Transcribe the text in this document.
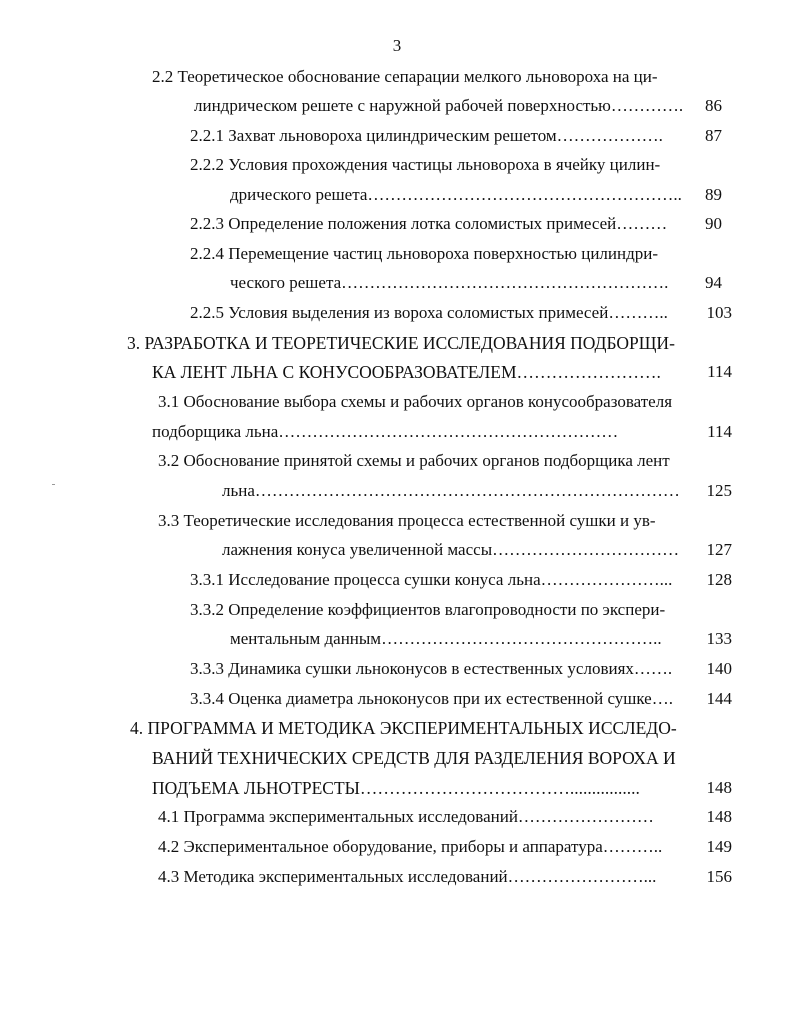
3
2.2 Теоретическое обоснование сепарации мелкого льновороха на ци-
линдрическом решете с наружной рабочей поверхностью………….	86
2.2.1 Захват льновороха цилиндрическим решетом……………….	87
2.2.2 Условия прохождения частицы льновороха в ячейку цилин-
дрического решета………………………………………………..	89
2.2.3 Определение положения лотка соломистых примесей………	90
2.2.4 Перемещение частиц льновороха поверхностью цилиндри-
ческого решета………………………………………………….	94
2.2.5 Условия выделения из вороха соломистых примесей………..	103
3. РАЗРАБОТКА И ТЕОРЕТИЧЕСКИЕ ИССЛЕДОВАНИЯ ПОДБОРЩИ-
КА ЛЕНТ ЛЬНА С КОНУСООБРАЗОВАТЕЛЕМ…………………….	114
3.1 Обоснование выбора схемы и рабочих органов конусообразователя
подборщика льна……………………………………………………	114
3.2 Обоснование принятой схемы и рабочих органов подборщика лент
льна…………………………………………………………………	125
3.3 Теоретические исследования процесса естественной сушки и ув-
лажнения конуса увеличенной массы……………………………	127
3.3.1 Исследование процесса сушки конуса льна…………………...	128
3.3.2 Определение коэффициентов влагопроводности по экспери-
ментальным данным…………………………………………..	133
3.3.3 Динамика сушки льноконусов в естественных условиях…….	140
3.3.4 Оценка диаметра льноконусов при их естественной сушке….	144
4. ПРОГРАММА И МЕТОДИКА ЭКСПЕРИМЕНТАЛЬНЫХ ИССЛЕДО-
ВАНИЙ ТЕХНИЧЕСКИХ СРЕДСТВ ДЛЯ РАЗДЕЛЕНИЯ ВОРОХА И
ПОДЪЕМА ЛЬНОТРЕСТЫ………………………………................	148
4.1 Программа экспериментальных исследований……………………	148
4.2 Экспериментальное оборудование, приборы и аппаратура………..	149
4.3 Методика экспериментальных исследований……………………...	156
